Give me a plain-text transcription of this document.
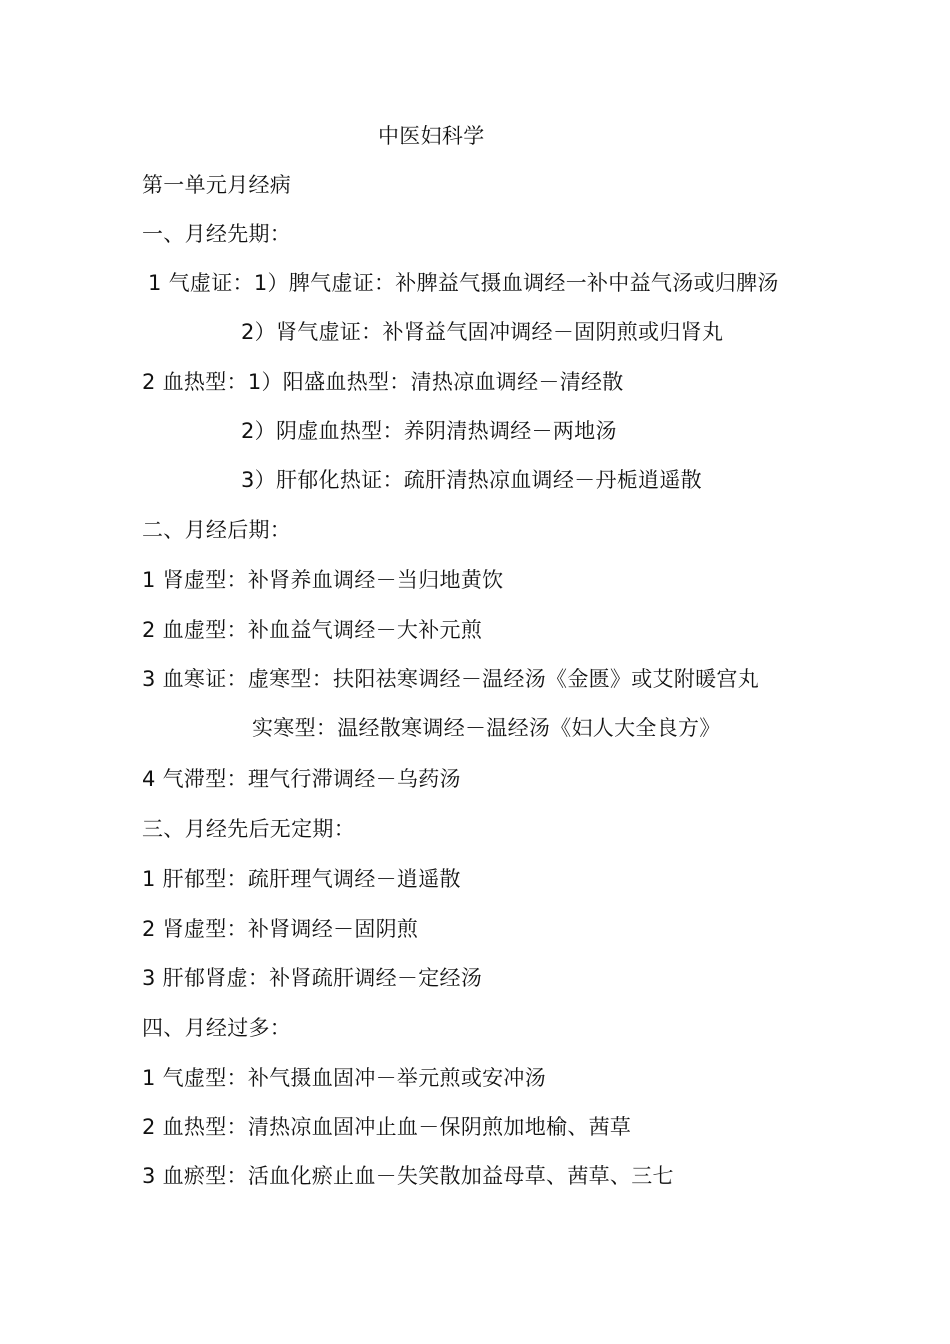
中医妇科学
第一单元月经病
一、月经先期：
1 气虚证：1）脾气虚证：补脾益气摄血调经一补中益气汤或归脾汤
2）肾气虚证：补肾益气固冲调经－固阴煎或归肾丸
2 血热型：1）阳盛血热型：清热凉血调经－清经散
2）阴虚血热型：养阴清热调经－两地汤
3）肝郁化热证：疏肝清热凉血调经－丹栀逍遥散
二、月经后期：
1 肾虚型：补肾养血调经－当归地黄饮
2 血虚型：补血益气调经－大补元煎
3 血寒证：虚寒型：扶阳祛寒调经－温经汤《金匮》或艾附暖宫丸
实寒型：温经散寒调经－温经汤《妇人大全良方》
4 气滞型：理气行滞调经－乌药汤
三、月经先后无定期：
1 肝郁型：疏肝理气调经－逍遥散
2 肾虚型：补肾调经－固阴煎
3 肝郁肾虚：补肾疏肝调经－定经汤
四、月经过多：
1 气虚型：补气摄血固冲－举元煎或安冲汤
2 血热型：清热凉血固冲止血－保阴煎加地榆、茜草
3 血瘀型：活血化瘀止血－失笑散加益母草、茜草、三七
